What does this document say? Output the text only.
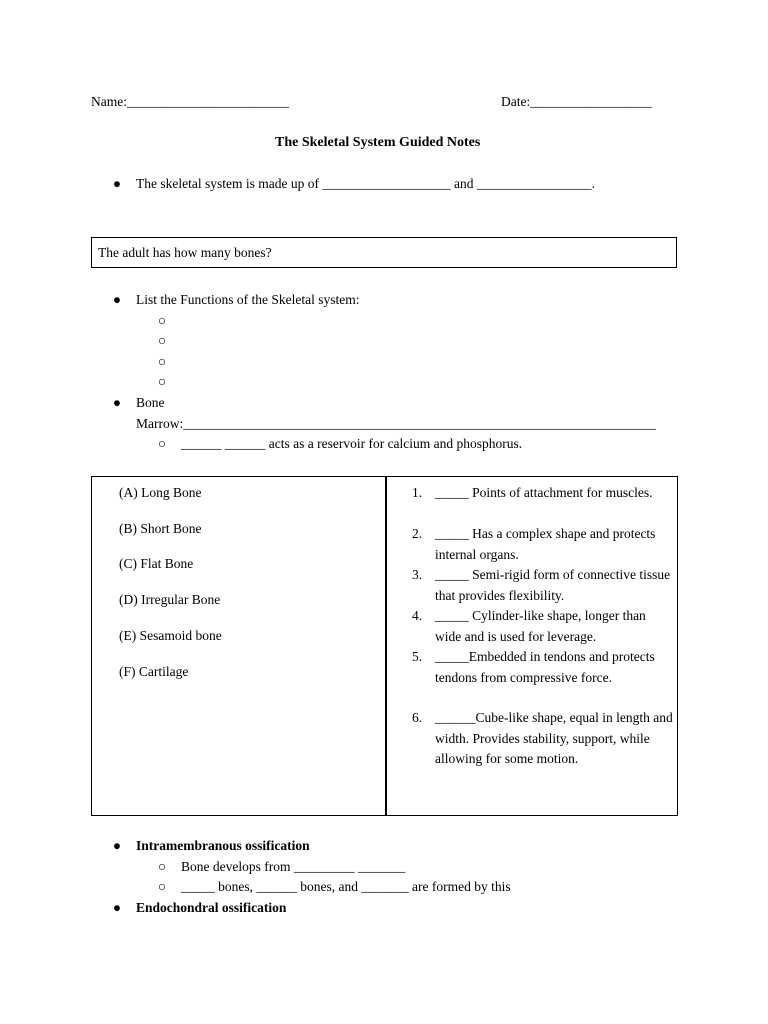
Name:________________________	Date:__________________
The Skeletal System Guided Notes
● The skeletal system is made up of ___________________ and _________________.
The adult has how many bones?
● List the Functions of the Skeletal system:
○
○
○
○
● Bone
Marrow:______________________________________________________________________
○ ______ ______ acts as a reservoir for calcium and phosphorus.
(A) Long Bone
(B) Short Bone
(C) Flat Bone
(D) Irregular Bone
(E) Sesamoid bone
(F) Cartilage
1. _____ Points of attachment for muscles.
2. _____ Has a complex shape and protects internal organs.
3. _____ Semi-rigid form of connective tissue that provides flexibility.
4. _____ Cylinder-like shape, longer than wide and is used for leverage.
5. _____Embedded in tendons and protects tendons from compressive force.
6. ______Cube-like shape, equal in length and width. Provides stability, support, while allowing for some motion.
● Intramembranous ossification
○ Bone develops from _________ _______
○ _____ bones, ______ bones, and _______ are formed by this
● Endochondral ossification
